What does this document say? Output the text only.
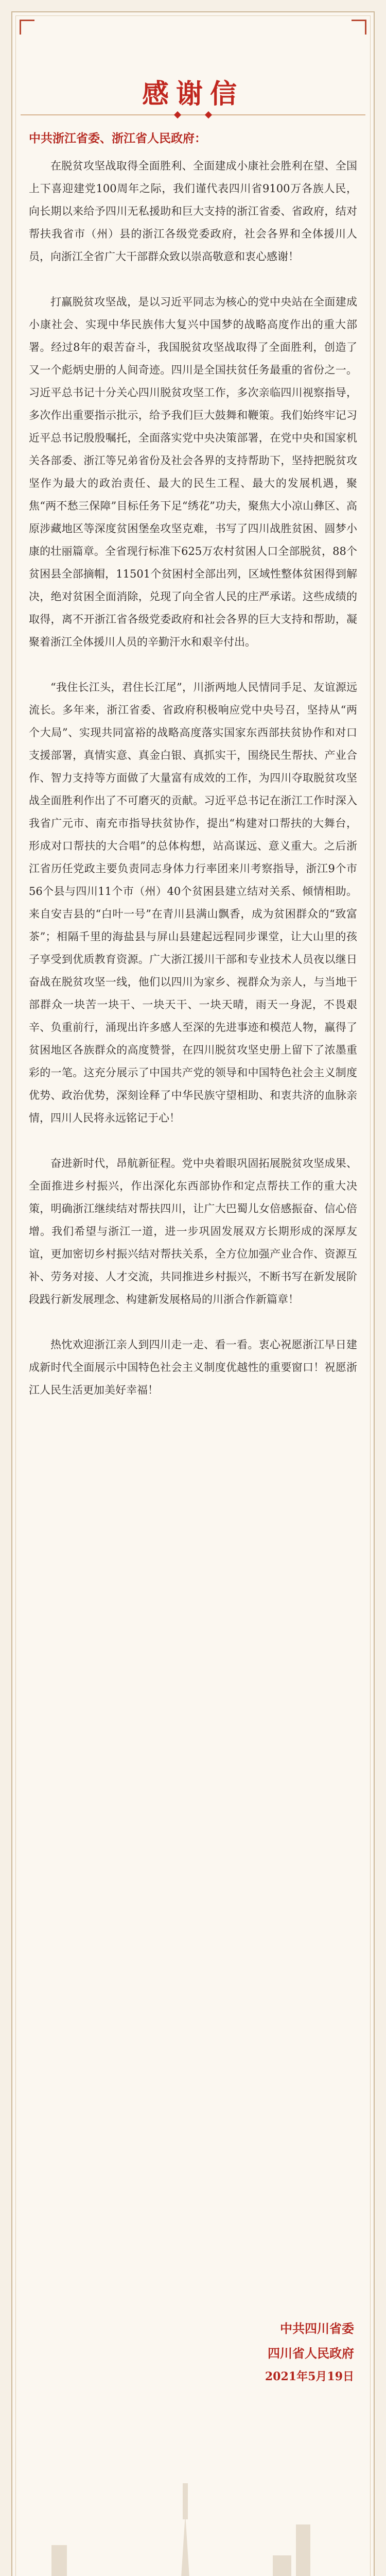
感谢信
中共浙江省委、浙江省人民政府：

在脱贫攻坚战取得全面胜利、全面建成小康社会胜利在望、全国上下喜迎建党100周年之际，我们谨代表四川省9100万各族人民，向长期以来给予四川无私援助和巨大支持的浙江省委、省政府，结对帮扶我省市（州）县的浙江各级党委政府，社会各界和全体援川人员，向浙江全省广大干部群众致以崇高敬意和衷心感谢！

打赢脱贫攻坚战，是以习近平同志为核心的党中央站在全面建成小康社会、实现中华民族伟大复兴中国梦的战略高度作出的重大部署。经过8年的艰苦奋斗，我国脱贫攻坚战取得了全面胜利，创造了又一个彪炳史册的人间奇迹。四川是全国扶贫任务最重的省份之一。习近平总书记十分关心四川脱贫攻坚工作，多次亲临四川视察指导，多次作出重要指示批示，给予我们巨大鼓舞和鞭策。我们始终牢记习近平总书记殷殷嘱托，全面落实党中央决策部署，在党中央和国家机关各部委、浙江等兄弟省份及社会各界的支持帮助下，坚持把脱贫攻坚作为最大的政治责任、最大的民生工程、最大的发展机遇，聚焦“两不愁三保障”目标任务下足“绣花”功夫，聚焦大小凉山彝区、高原涉藏地区等深度贫困堡垒攻坚克难，书写了四川战胜贫困、圆梦小康的壮丽篇章。全省现行标准下625万农村贫困人口全部脱贫，88个贫困县全部摘帽，11501个贫困村全部出列，区域性整体贫困得到解决，绝对贫困全面消除，兑现了向全省人民的庄严承诺。这些成绩的取得，离不开浙江省各级党委政府和社会各界的巨大支持和帮助，凝聚着浙江全体援川人员的辛勤汗水和艰辛付出。

“我住长江头，君住长江尾”，川浙两地人民情同手足、友谊源远流长。多年来，浙江省委、省政府积极响应党中央号召，坚持从“两个大局”、实现共同富裕的战略高度落实国家东西部扶贫协作和对口支援部署，真情实意、真金白银、真抓实干，围绕民生帮扶、产业合作、智力支持等方面做了大量富有成效的工作，为四川夺取脱贫攻坚战全面胜利作出了不可磨灭的贡献。习近平总书记在浙江工作时深入我省广元市、南充市指导扶贫协作，提出“构建对口帮扶的大舞台，形成对口帮扶的大合唱”的总体构想，站高谋远、意义重大。之后浙江省历任党政主要负责同志身体力行率团来川考察指导，浙江9个市56个县与四川11个市（州）40个贫困县建立结对关系、倾情相助。来自安吉县的“白叶一号”在青川县满山飘香，成为贫困群众的“致富茶”；相隔千里的海盐县与屏山县建起远程同步课堂，让大山里的孩子享受到优质教育资源。广大浙江援川干部和专业技术人员夜以继日奋战在脱贫攻坚一线，他们以四川为家乡、视群众为亲人，与当地干部群众一块苦一块干、一块天干、一块天晴，雨天一身泥，不畏艰辛、负重前行，涌现出许多感人至深的先进事迹和模范人物，赢得了贫困地区各族群众的高度赞誉，在四川脱贫攻坚史册上留下了浓墨重彩的一笔。这充分展示了中国共产党的领导和中国特色社会主义制度优势、政治优势，深刻诠释了中华民族守望相助、和衷共济的血脉亲情，四川人民将永远铭记于心！

奋进新时代，昂航新征程。党中央着眼巩固拓展脱贫攻坚成果、全面推进乡村振兴，作出深化东西部协作和定点帮扶工作的重大决策，明确浙江继续结对帮扶四川，让广大巴蜀儿女倍感振奋、信心倍增。我们希望与浙江一道，进一步巩固发展双方长期形成的深厚友谊，更加密切乡村振兴结对帮扶关系，全方位加强产业合作、资源互补、劳务对接、人才交流，共同推进乡村振兴，不断书写在新发展阶段践行新发展理念、构建新发展格局的川浙合作新篇章！

热忱欢迎浙江亲人到四川走一走、看一看。衷心祝愿浙江早日建成新时代全面展示中国特色社会主义制度优越性的重要窗口！祝愿浙江人民生活更加美好幸福！

中共四川省委
四川省人民政府
2021年5月19日
